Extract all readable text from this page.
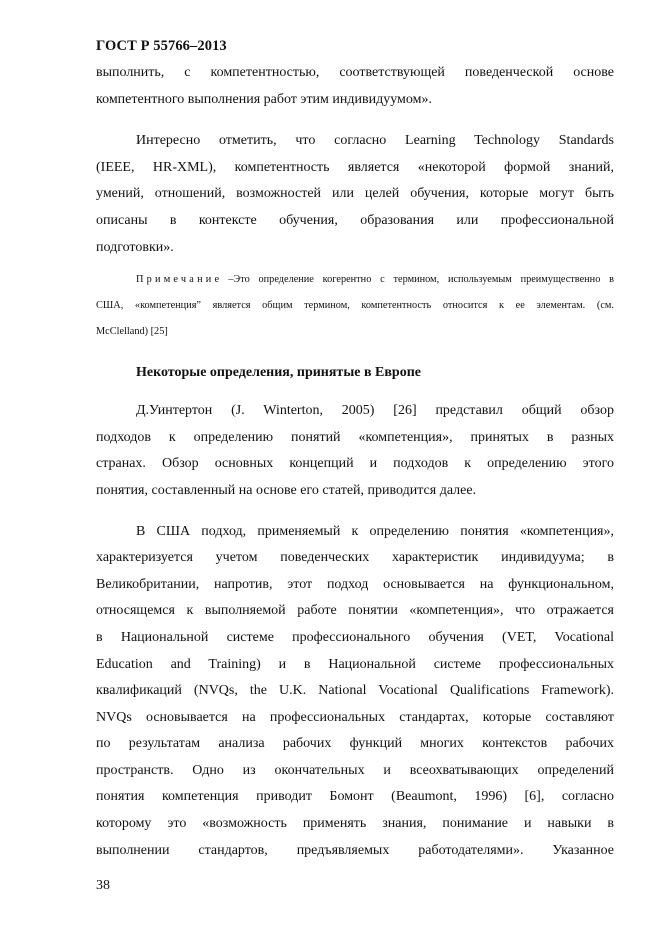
ГОСТ Р 55766–2013
выполнить, с компетентностью, соответствующей поведенческой основе
компетентного выполнения работ этим индивидуумом».
Интересно отметить, что согласно Learning Technology Standards
(IEEE, HR-XML), компетентность является «некоторой формой знаний,
умений, отношений, возможностей или целей обучения, которые могут быть
описаны в контексте обучения, образования или профессиональной
подготовки».
Примечание –Это определение когерентно с термином, используемым преимущественно в
США, «компетенция” является общим термином, компетентность относится к ее элементам. (см.
McClelland) [25]
Некоторые определения, принятые в Европе
Д.Уинтертон (J. Winterton, 2005) [26] представил общий обзор
подходов к определению понятий «компетенция», принятых в разных
странах. Обзор основных концепций и подходов к определению этого
понятия, составленный на основе его статей, приводится далее.
В США подход, применяемый к определению понятия «компетенция»,
характеризуется учетом поведенческих характеристик индивидуума; в
Великобритании, напротив, этот подход основывается на функциональном,
относящемся к выполняемой работе понятии «компетенция», что отражается
в Национальной системе профессионального обучения (VET, Vocational
Education and Training) и в Национальной системе профессиональных
квалификаций (NVQs, the U.K. National Vocational Qualifications Framework).
NVQs основывается на профессиональных стандартах, которые составляют
по результатам анализа рабочих функций многих контекстов рабочих
пространств. Одно из окончательных и всеохватывающих определений
понятия компетенция приводит Бомонт (Beaumont, 1996) [6], согласно
которому это «возможность применять знания, понимание и навыки в
выполнении стандартов, предъявляемых работодателями». Указанное
38
